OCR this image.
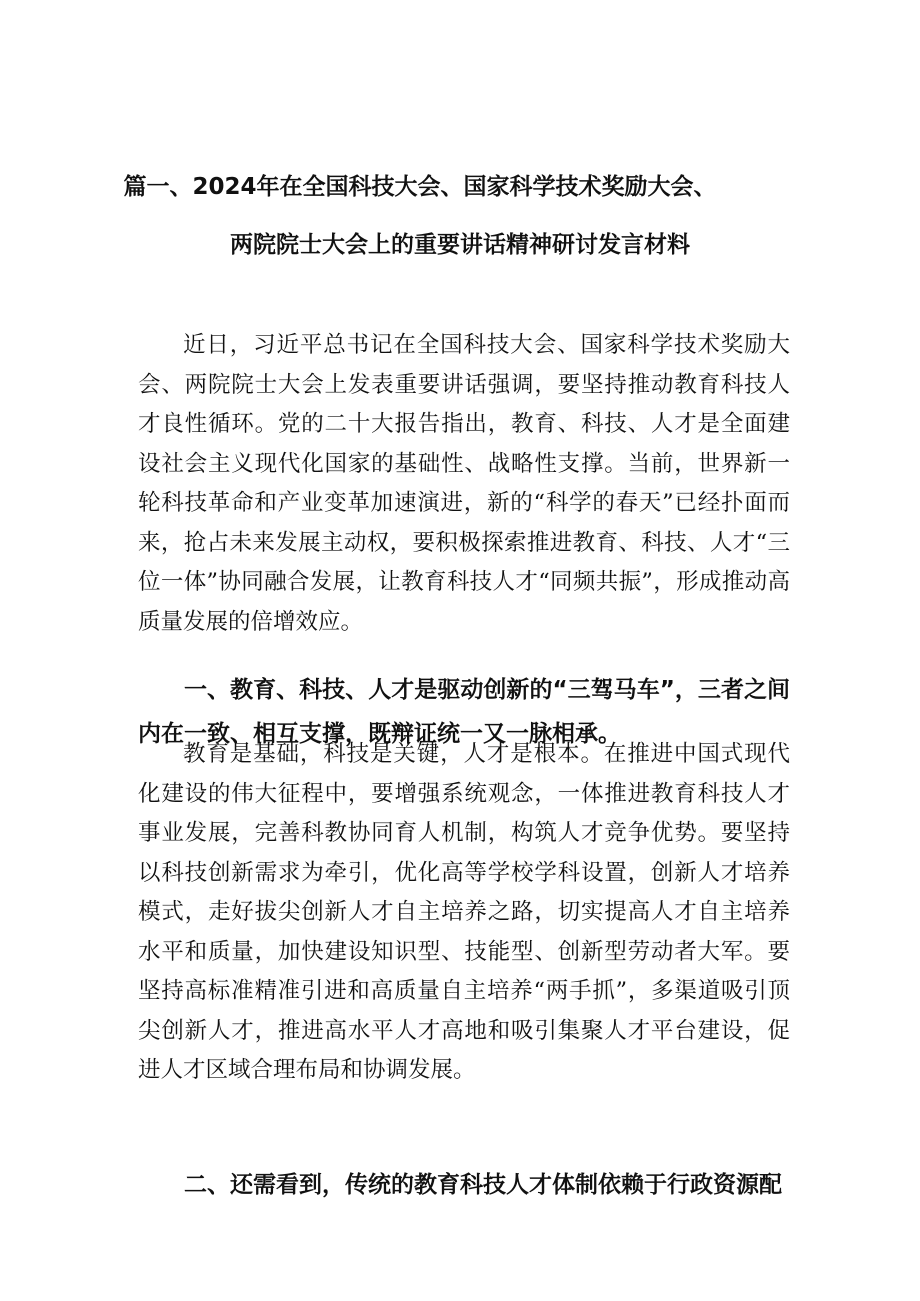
篇一、2024年在全国科技大会、国家科学技术奖励大会、
两院院士大会上的重要讲话精神研讨发言材料

近日，习近平总书记在全国科技大会、国家科学技术奖励大会、两院院士大会上发表重要讲话强调，要坚持推动教育科技人才良性循环。党的二十大报告指出，教育、科技、人才是全面建设社会主义现代化国家的基础性、战略性支撑。当前，世界新一轮科技革命和产业变革加速演进，新的“科学的春天”已经扑面而来，抢占未来发展主动权，要积极探索推进教育、科技、人才“三位一体”协同融合发展，让教育科技人才“同频共振”，形成推动高质量发展的倍增效应。

一、教育、科技、人才是驱动创新的“三驾马车”，三者之间内在一致、相互支撑，既辩证统一又一脉相承。

教育是基础，科技是关键，人才是根本。在推进中国式现代化建设的伟大征程中，要增强系统观念，一体推进教育科技人才事业发展，完善科教协同育人机制，构筑人才竞争优势。要坚持以科技创新需求为牵引，优化高等学校学科设置，创新人才培养模式，走好拔尖创新人才自主培养之路，切实提高人才自主培养水平和质量，加快建设知识型、技能型、创新型劳动者大军。要坚持高标准精准引进和高质量自主培养“两手抓”，多渠道吸引顶尖创新人才，推进高水平人才高地和吸引集聚人才平台建设，促进人才区域合理布局和协调发展。

二、还需看到，传统的教育科技人才体制依赖于行政资源配
